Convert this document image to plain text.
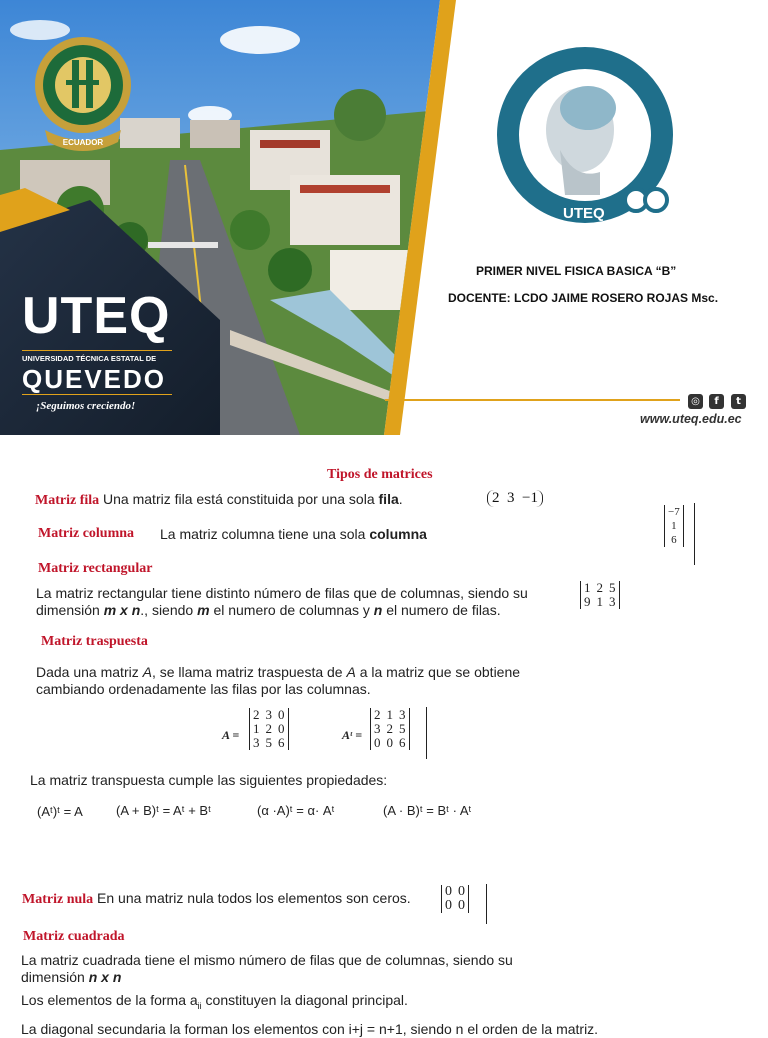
ECUADOR
UTEQ
UNIVERSIDAD TÉCNICA ESTATAL DE
QUEVEDO
¡Seguimos creciendo!
UTEQ
PRIMER NIVEL FISICA BASICA “B”
DOCENTE: LCDO JAIME ROSERO ROJAS Msc.
◎	f	t
www.uteq.edu.ec
Tipos de matrices
Matriz fila Una matriz fila está constituida por una sola fila.	2 3 −1
Matriz columna La matriz columna tiene una sola columna
−7
1
6
Matriz rectangular
La matriz rectangular tiene distinto número de filas que de columnas, siendo su
dimensión m x n., siendo m el numero de columnas y n el numero de filas.
1	2	5
9	1	3
Matriz traspuesta
Dada una matriz A, se llama matriz traspuesta de A a la matriz que se obtiene
cambiando ordenadamente las filas por las columnas.
A =
2	3	0
1	2	0
3	5	6	Aᵗ =
2	1	3
3	2	5
0	0	6
La matriz transpuesta cumple las siguientes propiedades:
(Aᵗ)ᵗ = A	(A + B)ᵗ = Aᵗ + Bᵗ	(α ·A)ᵗ = α· Aᵗ	(A · B)ᵗ = Bᵗ · Aᵗ
Matriz nula En una matriz nula todos los elementos son ceros. 0	0
0	0
Matriz cuadrada
La matriz cuadrada tiene el mismo número de filas que de columnas, siendo su
dimensión n x n
Los elementos de la forma $a_{ii}$ constituyen la diagonal principal.
La diagonal secundaria la forman los elementos con i+j = n+1, siendo n el orden de la matriz.
